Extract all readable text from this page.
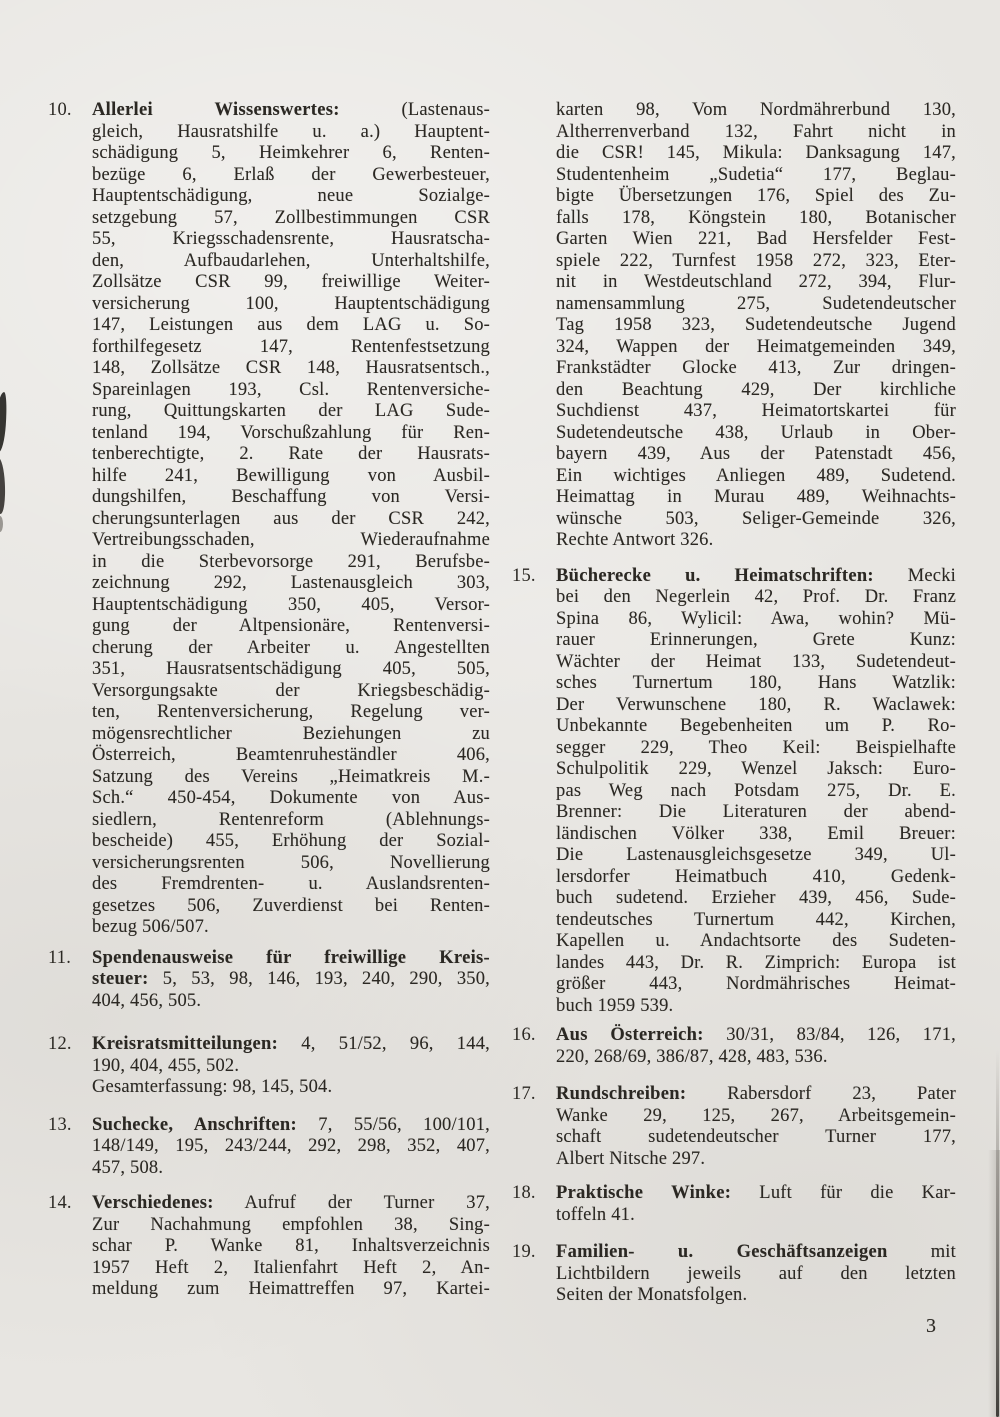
10.	Allerlei Wissenswertes: (Lastenaus-
gleich, Hausratshilfe u. a.) Hauptent-
schädigung 5, Heimkehrer 6, Renten-
bezüge 6, Erlaß der Gewerbesteuer,
Hauptentschädigung, neue Sozialge-
setzgebung 57, Zollbestimmungen CSR
55, Kriegsschadensrente, Hausratscha-
den, Aufbaudarlehen, Unterhaltshilfe,
Zollsätze CSR 99, freiwillige Weiter-
versicherung 100, Hauptentschädigung
147, Leistungen aus dem LAG u. So-
forthilfegesetz 147, Rentenfestsetzung
148, Zollsätze CSR 148, Hausratsentsch.,
Spareinlagen 193, Csl. Rentenversiche-
rung, Quittungskarten der LAG Sude-
tenland 194, Vorschußzahlung für Ren-
tenberechtigte, 2. Rate der Hausrats-
hilfe 241, Bewilligung von Ausbil-
dungshilfen, Beschaffung von Versi-
cherungsunterlagen aus der CSR 242,
Vertreibungsschaden, Wiederaufnahme
in die Sterbevorsorge 291, Berufsbe-
zeichnung 292, Lastenausgleich 303,
Hauptentschädigung 350, 405, Versor-
gung der Altpensionäre, Rentenversi-
cherung der Arbeiter u. Angestellten
351, Hausratsentschädigung 405, 505,
Versorgungsakte der Kriegsbeschädig-
ten, Rentenversicherung, Regelung ver-
mögensrechtlicher Beziehungen zu
Österreich, Beamtenruheständler 406,
Satzung des Vereins „Heimatkreis M.-
Sch.“ 450-454, Dokumente von Aus-
siedlern, Rentenreform (Ablehnungs-
bescheide) 455, Erhöhung der Sozial-
versicherungsrenten 506, Novellierung
des Fremdrenten- u. Auslandsrenten-
gesetzes 506, Zuverdienst bei Renten-
bezug 506/507.
11.	Spendenausweise für freiwillige Kreis-
steuer: 5, 53, 98, 146, 193, 240, 290, 350,
404, 456, 505.
12.	Kreisratsmitteilungen: 4, 51/52, 96, 144,
190, 404, 455, 502.
Gesamterfassung: 98, 145, 504.
13.	Suchecke, Anschriften: 7, 55/56, 100/101,
148/149, 195, 243/244, 292, 298, 352, 407,
457, 508.
14.	Verschiedenes: Aufruf der Turner 37,
Zur Nachahmung empfohlen 38, Sing-
schar P. Wanke 81, Inhaltsverzeichnis
1957 Heft 2, Italienfahrt Heft 2, An-
meldung zum Heimattreffen 97, Kartei-
karten 98, Vom Nordmährerbund 130,
Altherrenverband 132, Fahrt nicht in
die CSR! 145, Mikula: Danksagung 147,
Studentenheim „Sudetia“ 177, Beglau-
bigte Übersetzungen 176, Spiel des Zu-
falls 178, Köngstein 180, Botanischer
Garten Wien 221, Bad Hersfelder Fest-
spiele 222, Turnfest 1958 272, 323, Eter-
nit in Westdeutschland 272, 394, Flur-
namensammlung 275, Sudetendeutscher
Tag 1958 323, Sudetendeutsche Jugend
324, Wappen der Heimatgemeinden 349,
Frankstädter Glocke 413, Zur dringen-
den Beachtung 429, Der kirchliche
Suchdienst 437, Heimatortskartei für
Sudetendeutsche 438, Urlaub in Ober-
bayern 439, Aus der Patenstadt 456,
Ein wichtiges Anliegen 489, Sudetend.
Heimattag in Murau 489, Weihnachts-
wünsche 503, Seliger-Gemeinde 326,
Rechte Antwort 326.
15.	Bücherecke u. Heimatschriften: Mecki
bei den Negerlein 42, Prof. Dr. Franz
Spina 86, Wylicil: Awa, wohin? Mü-
rauer Erinnerungen, Grete Kunz:
Wächter der Heimat 133, Sudetendeut-
sches Turnertum 180, Hans Watzlik:
Der Verwunschene 180, R. Waclawek:
Unbekannte Begebenheiten um P. Ro-
segger 229, Theo Keil: Beispielhafte
Schulpolitik 229, Wenzel Jaksch: Euro-
pas Weg nach Potsdam 275, Dr. E.
Brenner: Die Literaturen der abend-
ländischen Völker 338, Emil Breuer:
Die Lastenausgleichsgesetze 349, Ul-
lersdorfer Heimatbuch 410, Gedenk-
buch sudetend. Erzieher 439, 456, Sude-
tendeutsches Turnertum 442, Kirchen,
Kapellen u. Andachtsorte des Sudeten-
landes 443, Dr. R. Zimprich: Europa ist
größer 443, Nordmährisches Heimat-
buch 1959 539.
16.	Aus Österreich: 30/31, 83/84, 126, 171,
220, 268/69, 386/87, 428, 483, 536.
17.	Rundschreiben: Rabersdorf 23, Pater
Wanke 29, 125, 267, Arbeitsgemein-
schaft sudetendeutscher Turner 177,
Albert Nitsche 297.
18.	Praktische Winke: Luft für die Kar-
toffeln 41.
19.	Familien- u. Geschäftsanzeigen mit
Lichtbildern jeweils auf den letzten
Seiten der Monatsfolgen.
3
